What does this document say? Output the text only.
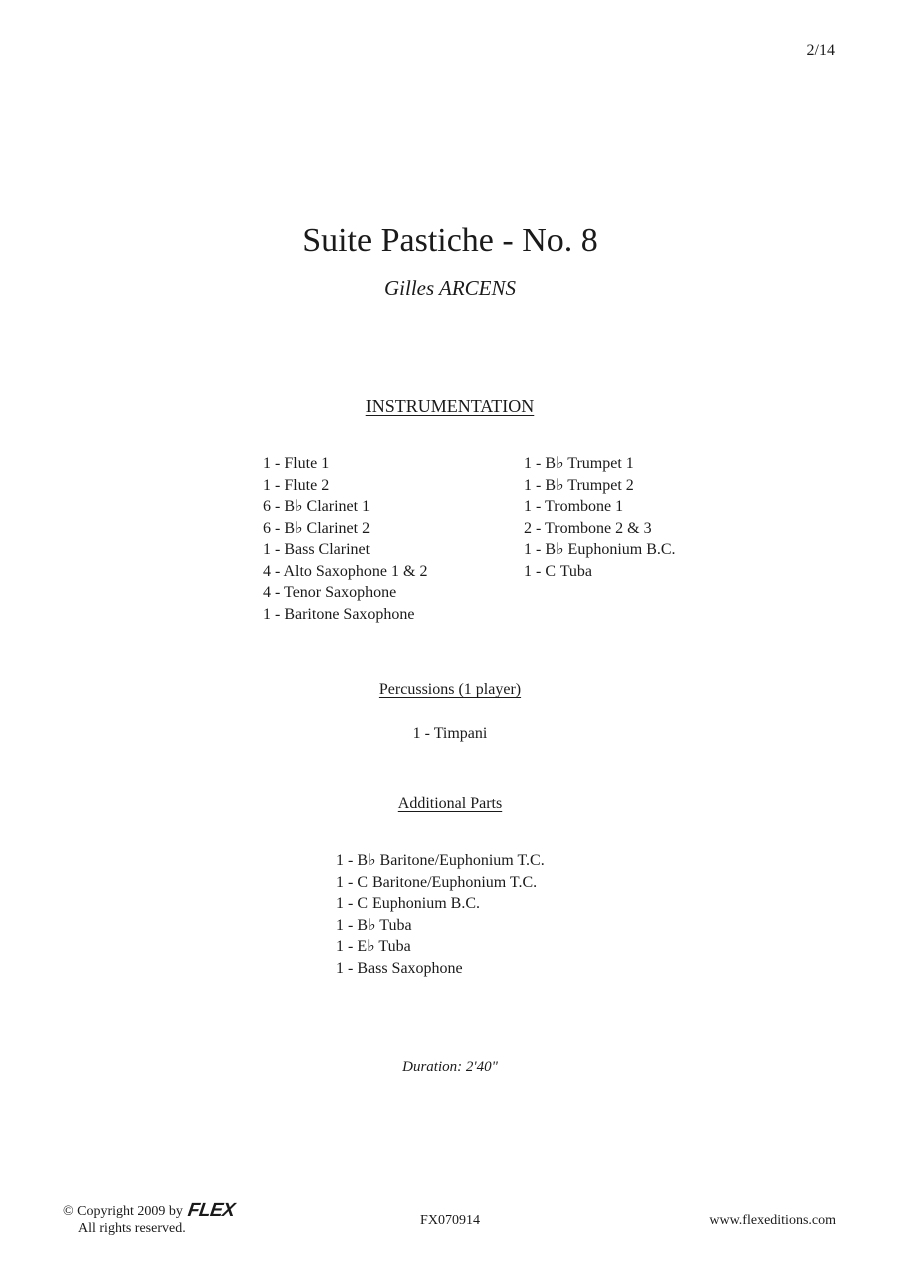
2/14
Suite Pastiche - No. 8
Gilles ARCENS
INSTRUMENTATION
1 - Flute 1
1 - Flute 2
6 - B♭ Clarinet 1
6 - B♭ Clarinet 2
1 - Bass Clarinet
4 - Alto Saxophone 1 & 2
4 - Tenor Saxophone
1 - Baritone Saxophone
1 - B♭ Trumpet 1
1 - B♭ Trumpet 2
1 - Trombone 1
2 - Trombone 2 & 3
1 - B♭ Euphonium B.C.
1 - C Tuba
Percussions (1 player)
1 - Timpani
Additional Parts
1 - B♭ Baritone/Euphonium T.C.
1 - C Baritone/Euphonium T.C.
1 - C Euphonium B.C.
1 - B♭ Tuba
1 - E♭ Tuba
1 - Bass Saxophone
Duration: 2'40"
© Copyright 2009 by FLEX
All rights reserved.
FX070914	www.flexeditions.com
